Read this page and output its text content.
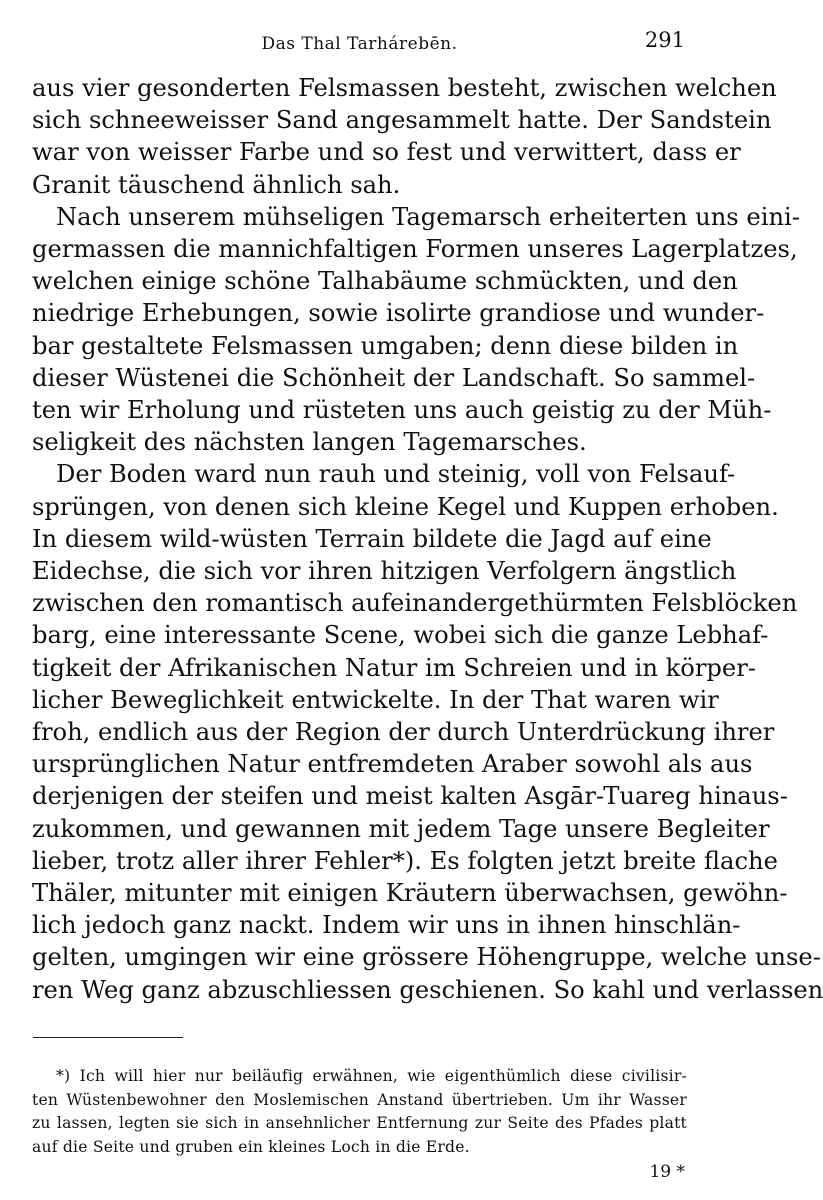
Das Thal Tarhárebēn.	291

aus vier gesonderten Felsmassen besteht, zwischen welchen
sich schneeweisser Sand angesammelt hatte. Der Sandstein
war von weisser Farbe und so fest und verwittert, dass er
Granit täuschend ähnlich sah.

Nach unserem mühseligen Tagemarsch erheiterten uns eini-
germassen die mannichfaltigen Formen unseres Lagerplatzes,
welchen einige schöne Talhabäume schmückten, und den
niedrige Erhebungen, sowie isolirte grandiose und wunder-
bar gestaltete Felsmassen umgaben; denn diese bilden in
dieser Wüstenei die Schönheit der Landschaft. So sammel-
ten wir Erholung und rüsteten uns auch geistig zu der Müh-
seligkeit des nächsten langen Tagemarsches.

Der Boden ward nun rauh und steinig, voll von Felsauf-
sprüngen, von denen sich kleine Kegel und Kuppen erhoben.
In diesem wild-wüsten Terrain bildete die Jagd auf eine
Eidechse, die sich vor ihren hitzigen Verfolgern ängstlich
zwischen den romantisch aufeinandergethürmten Felsblöcken
barg, eine interessante Scene, wobei sich die ganze Lebhaf-
tigkeit der Afrikanischen Natur im Schreien und in körper-
licher Beweglichkeit entwickelte. In der That waren wir
froh, endlich aus der Region der durch Unterdrückung ihrer
ursprünglichen Natur entfremdeten Araber sowohl als aus
derjenigen der steifen und meist kalten Asgār-Tuareg hinaus-
zukommen, und gewannen mit jedem Tage unsere Begleiter
lieber, trotz aller ihrer Fehler*). Es folgten jetzt breite flache
Thäler, mitunter mit einigen Kräutern überwachsen, gewöhn-
lich jedoch ganz nackt. Indem wir uns in ihnen hinschlän-
gelten, umgingen wir eine grössere Höhengruppe, welche unse-
ren Weg ganz abzuschliessen geschienen. So kahl und verlassen

*) Ich will hier nur beiläufig erwähnen, wie eigenthümlich diese civilisir-
ten Wüstenbewohner den Moslemischen Anstand übertrieben. Um ihr Wasser
zu lassen, legten sie sich in ansehnlicher Entfernung zur Seite des Pfades platt
auf die Seite und gruben ein kleines Loch in die Erde.
19 *
